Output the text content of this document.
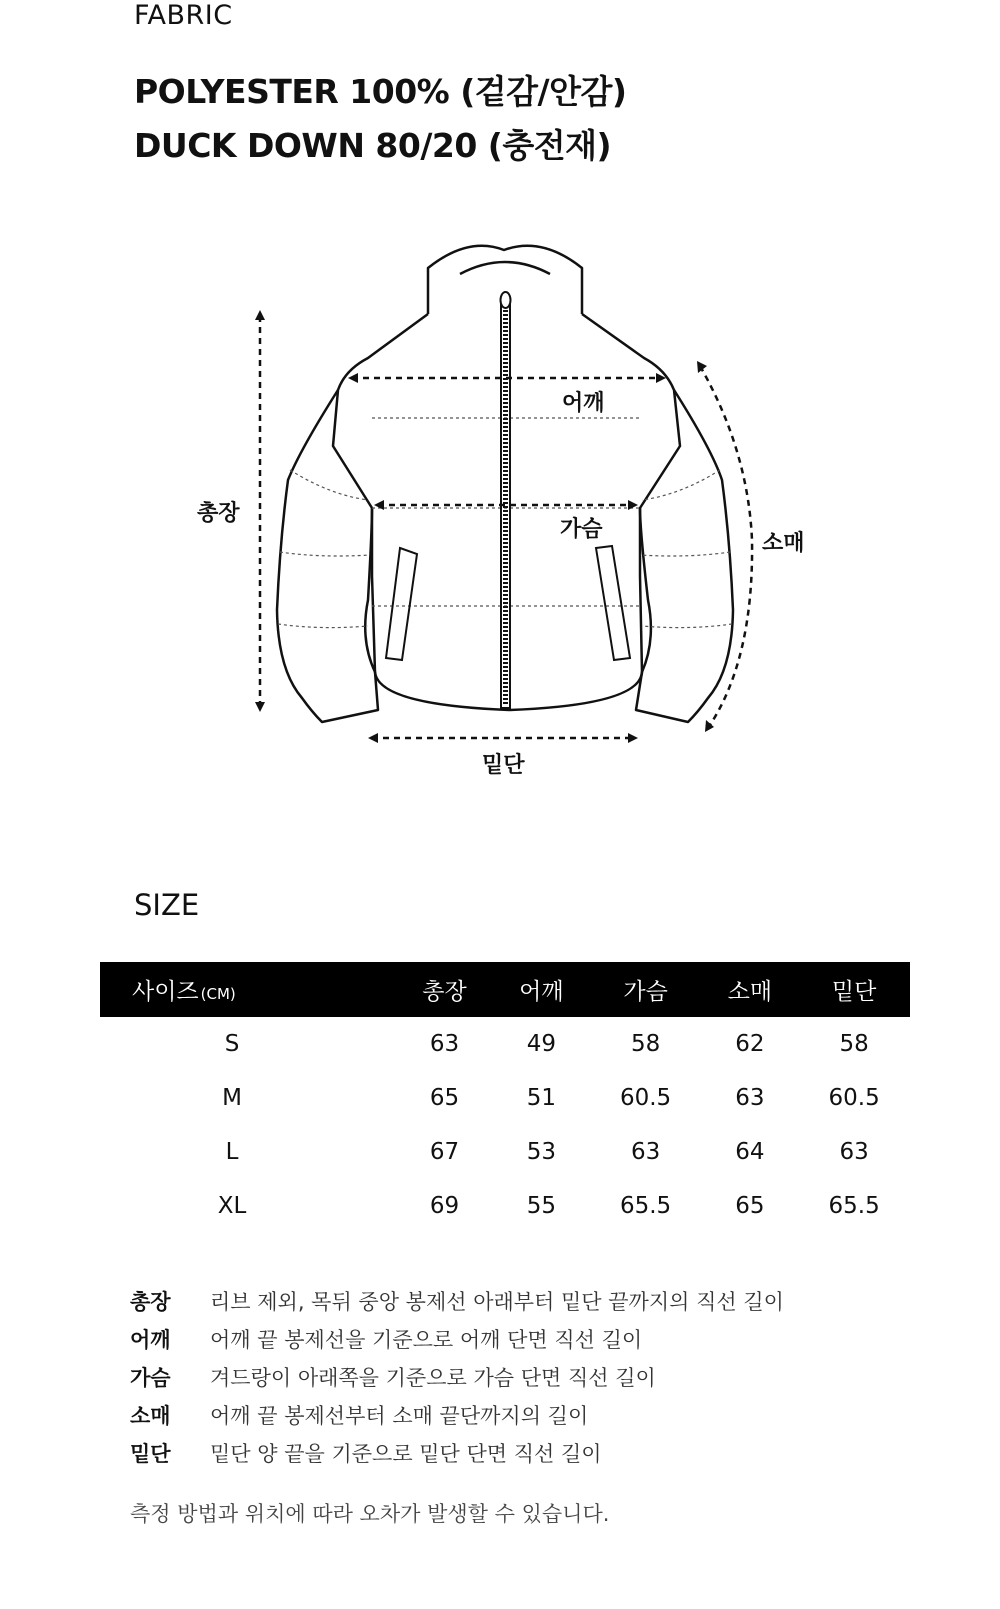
FABRIC
POLYESTER 100% (겉감/안감)
DUCK DOWN 80/20 (충전재)
어깨
가슴
총장
소매
밑단
SIZE
사이즈 (CM)	총장	어깨	가슴	소매	밑단
S	63	49	58	62	58
M	65	51	60.5	63	60.5
L	67	53	63	64	63
XL	69	55	65.5	65	65.5
총장	리브 제외, 목뒤 중앙 봉제선 아래부터 밑단 끝까지의 직선 길이
어깨	어깨 끝 봉제선을 기준으로 어깨 단면 직선 길이
가슴	겨드랑이 아래쪽을 기준으로 가슴 단면 직선 길이
소매	어깨 끝 봉제선부터 소매 끝단까지의 길이
밑단	밑단 양 끝을 기준으로 밑단 단면 직선 길이
측정 방법과 위치에 따라 오차가 발생할 수 있습니다.
